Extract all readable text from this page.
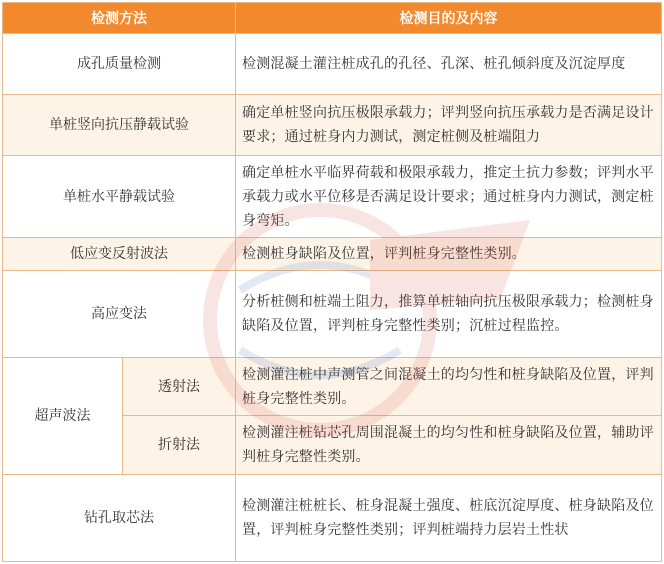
检测方法		检测目的及内容
成孔质量检测		检测混凝土灌注桩成孔的孔径、孔深、桩孔倾斜度及沉淀厚度
单桩竖向抗压静载试验		确定单桩竖向抗压极限承载力；评判竖向抗压承载力是否满足设计要求；通过桩身内力测试，测定桩侧及桩端阻力
单桩水平静载试验		确定单桩水平临界荷载和极限承载力，推定土抗力参数；评判水平承载力或水平位移是否满足设计要求；通过桩身内力测试，测定桩身弯矩。
低应变反射波法		检测桩身缺陷及位置，评判桩身完整性类别。
高应变法		分析桩侧和桩端土阻力，推算单桩轴向抗压极限承载力；检测桩身缺陷及位置，评判桩身完整性类别；沉桩过程监控。
超声波法	透射法	检测灌注桩中声测管之间混凝土的均匀性和桩身缺陷及位置，评判桩身完整性类别。
	折射法	检测灌注桩钻芯孔周围混凝土的均匀性和桩身缺陷及位置，辅助评判桩身完整性类别。
钻孔取芯法		检测灌注桩桩长、桩身混凝土强度、桩底沉淀厚度、桩身缺陷及位置，评判桩身完整性类别；评判桩端持力层岩土性状
